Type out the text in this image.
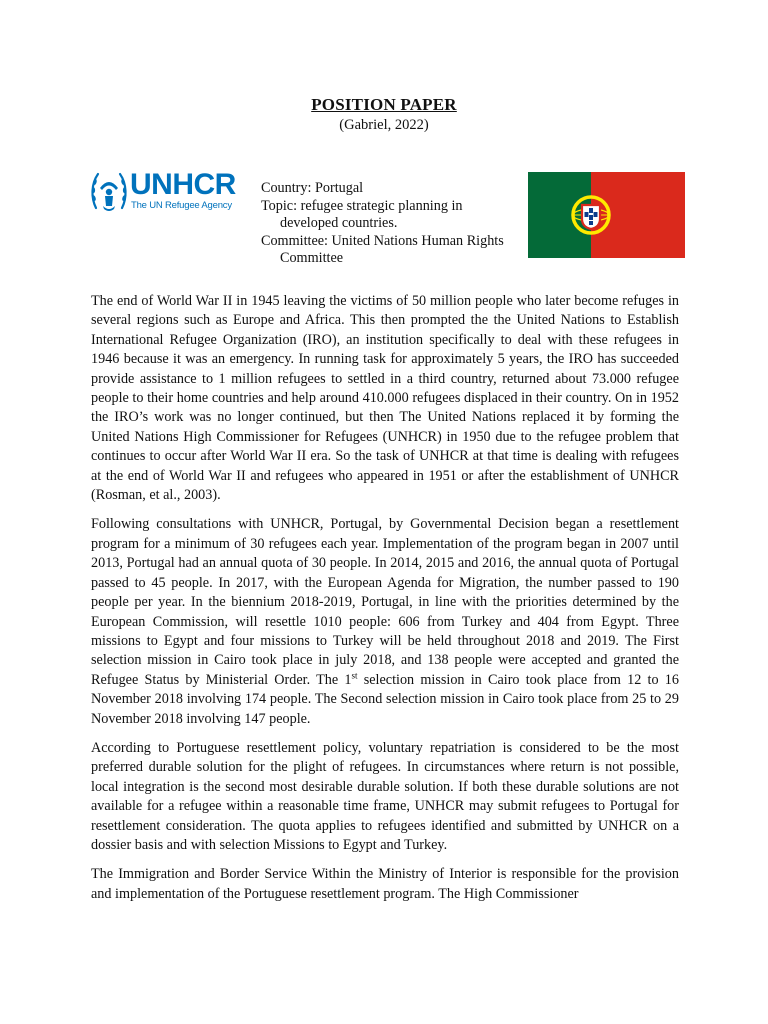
POSITION PAPER
(Gabriel, 2022)
UNHCR
The UN Refugee Agency
Country: Portugal
Topic: refugee strategic planning in
developed countries.
Committee: United Nations Human Rights
Committee

The end of World War II in 1945 leaving the victims of 50 million people who later become refuges in several regions such as Europe and Africa. This then prompted the the United Nations to Establish International Refugee Organization (IRO), an institution specifically to deal with these refugees in 1946 because it was an emergency. In running task for approximately 5 years, the IRO has succeeded provide assistance to 1 million refugees to settled in a third country, returned about 73.000 refugee people to their home countries and help around 410.000 refugees displaced in their country. On in 1952 the IRO’s work was no longer continued, but then The United Nations replaced it by forming the United Nations High Commissioner for Refugees (UNHCR) in 1950 due to the refugee problem that continues to occur after World War II era. So the task of UNHCR at that time is dealing with refugees at the end of World War II and refugees who appeared in 1951 or after the establishment of UNHCR (Rosman, et al., 2003).

Following consultations with UNHCR, Portugal, by Governmental Decision began a resettlement program for a minimum of 30 refugees each year. Implementation of the program began in 2007 until 2013, Portugal had an annual quota of 30 people. In 2014, 2015 and 2016, the annual quota of Portugal passed to 45 people. In 2017, with the European Agenda for Migration, the number passed to 190 people per year. In the biennium 2018-2019, Portugal, in line with the priorities determined by the European Commission, will resettle 1010 people: 606 from Turkey and 404 from Egypt. Three missions to Egypt and four missions to Turkey will be held throughout 2018 and 2019. The First selection mission in Cairo took place in july 2018, and 138 people were accepted and granted the Refugee Status by Ministerial Order. The 1st selection mission in Cairo took place from 12 to 16 November 2018 involving 174 people. The Second selection mission in Cairo took place from 25 to 29 November 2018 involving 147 people.

According to Portuguese resettlement policy, voluntary repatriation is considered to be the most preferred durable solution for the plight of refugees. In circumstances where return is not possible, local integration is the second most desirable durable solution. If both these durable solutions are not available for a refugee within a reasonable time frame, UNHCR may submit refugees to Portugal for resettlement consideration. The quota applies to refugees identified and submitted by UNHCR on a dossier basis and with selection Missions to Egypt and Turkey.

The Immigration and Border Service Within the Ministry of Interior is responsible for the provision and implementation of the Portuguese resettlement program. The High Commissioner
